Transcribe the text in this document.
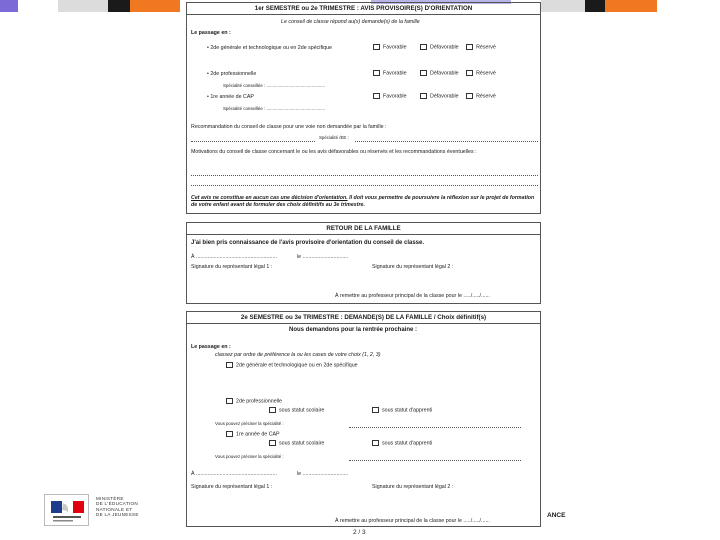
1er SEMESTRE ou 2e TRIMESTRE : AVIS PROVISOIRE(S) D'ORIENTATION
Le conseil de classe répond au(x) demande(s) de la famille
Le passage en :
• 2de générale et technologique ou en 2de spécifique	Favorable	Défavorable	Réservé
• 2de professionnelle	Favorable	Défavorable	Réservé
Spécialité conseillée : ................................................
• 1re année de CAP	Favorable	Défavorable	Réservé
Spécialité conseillée : ................................................
Recommandation du conseil de classe pour une voie non demandée par la famille :
Spécialité /EE :
Motivations du conseil de classe concernant le ou les avis défavorables ou réservés et les recommandations éventuelles :
Cet avis ne constitue en aucun cas une décision d'orientation. Il doit vous permettre de poursuivre la réflexion sur le projet de formation de votre enfant avant de formuler des choix définitifs au 3e trimestre.
RETOUR DE LA FAMILLE
J'ai bien pris connaissance de l'avis provisoire d'orientation du conseil de classe.
À .......................................................	le ...............................
Signature du représentant légal 1 :	Signature du représentant légal 2 :
À remettre au professeur principal de la classe pour le ...../...../......
2e SEMESTRE ou 3e TRIMESTRE : DEMANDE(S) DE LA FAMILLE / Choix définitif(s)
Nous demandons pour la rentrée prochaine :
Le passage en :
classez par ordre de préférence la ou les cases de votre choix (1, 2, 3)
2de générale et technologique ou en 2de spécifique
2de professionnelle
sous statut scolaire	sous statut d'apprenti
Vous pouvez préciser la spécialité :
1re année de CAP
sous statut scolaire	sous statut d'apprenti
Vous pouvez préciser la spécialité :
À .......................................................	le ...............................
Signature du représentant légal 1 :	Signature du représentant légal 2 :
À remettre au professeur principal de la classe pour le ...../...../......
MINISTÈRE
DE L'ÉDUCATION
NATIONALE ET
DE LA JEUNESSE	ANCE
2 / 3
